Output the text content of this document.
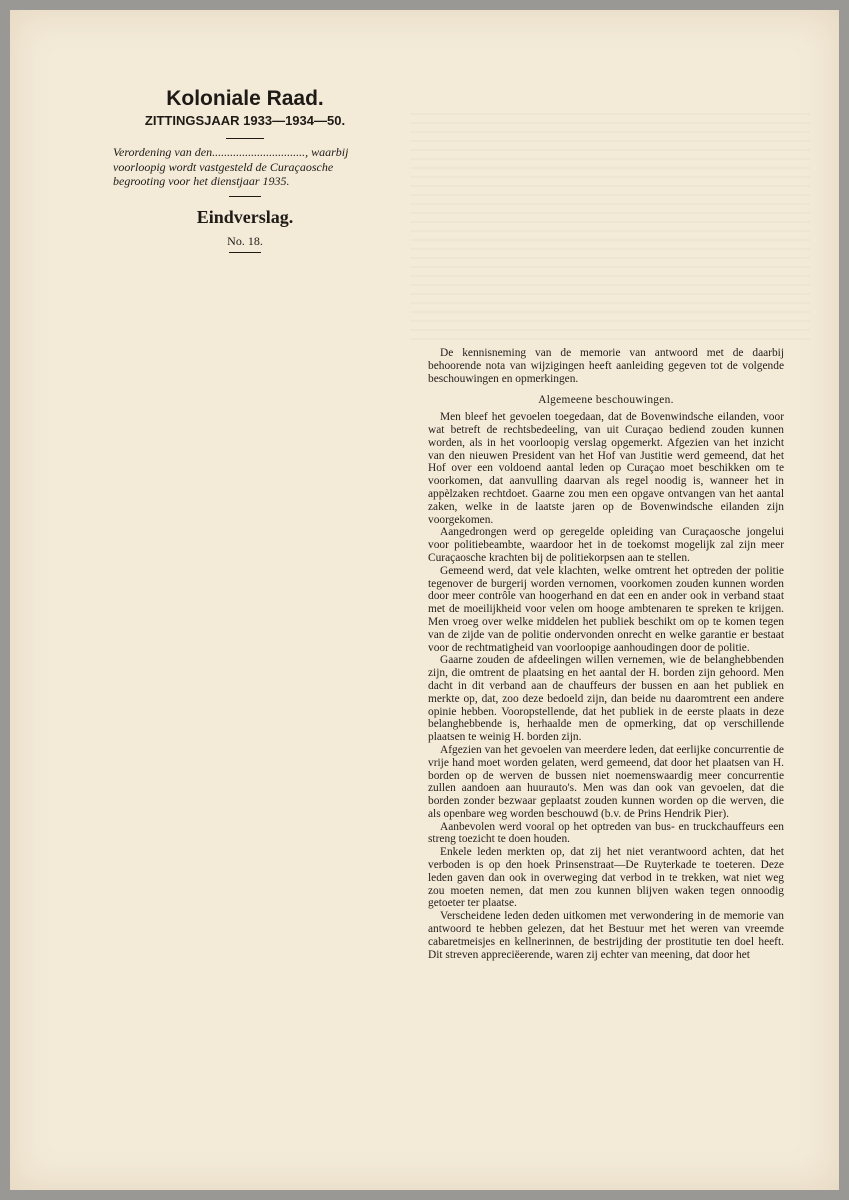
Koloniale Raad.

ZITTINGSJAAR 1933—1934—50.

Verordening van den..............................., waarbij voorloopig wordt vastgesteld de Curaçaosche begrooting voor het dienstjaar 1935.

Eindverslag.

No. 18.

De kennisneming van de memorie van antwoord met de daarbij behoorende nota van wijzigingen heeft aanleiding gegeven tot de volgende beschouwingen en opmerkingen.

Algemeene beschouwingen.

Men bleef het gevoelen toegedaan, dat de Bovenwindsche eilanden, voor wat betreft de rechtsbedeeling, van uit Curaçao bediend zouden kunnen worden, als in het voorloopig verslag opgemerkt. Afgezien van het inzicht van den nieuwen President van het Hof van Justitie werd gemeend, dat het Hof over een voldoend aantal leden op Curaçao moet beschikken om te voorkomen, dat aanvulling daarvan als regel noodig is, wanneer het in appèlzaken rechtdoet. Gaarne zou men een opgave ontvangen van het aantal zaken, welke in de laatste jaren op de Bovenwindsche eilanden zijn voorgekomen.

Aangedrongen werd op geregelde opleiding van Curaçaosche jongelui voor politiebeambte, waardoor het in de toekomst mogelijk zal zijn meer Curaçaosche krachten bij de politiekorpsen aan te stellen.

Gemeend werd, dat vele klachten, welke omtrent het optreden der politie tegenover de burgerij worden vernomen, voorkomen zouden kunnen worden door meer contrôle van hoogerhand en dat een en ander ook in verband staat met de moeilijkheid voor velen om hooge ambtenaren te spreken te krijgen. Men vroeg over welke middelen het publiek beschikt om op te komen tegen van de zijde van de politie ondervonden onrecht en welke garantie er bestaat voor de rechtmatigheid van voorloopige aanhoudingen door de politie.

Gaarne zouden de afdeelingen willen vernemen, wie de belanghebbenden zijn, die omtrent de plaatsing en het aantal der H. borden zijn gehoord. Men dacht in dit verband aan de chauffeurs der bussen en aan het publiek en merkte op, dat, zoo deze bedoeld zijn, dan beide nu daaromtrent een andere opinie hebben. Vooropstellende, dat het publiek in de eerste plaats in deze belanghebbende is, herhaalde men de opmerking, dat op verschillende plaatsen te weinig H. borden zijn.

Afgezien van het gevoelen van meerdere leden, dat eerlijke concurrentie de vrije hand moet worden gelaten, werd gemeend, dat door het plaatsen van H. borden op de werven de bussen niet noemenswaardig meer concurrentie zullen aandoen aan huurauto's. Men was dan ook van gevoelen, dat die borden zonder bezwaar geplaatst zouden kunnen worden op die werven, die als openbare weg worden beschouwd (b.v. de Prins Hendrik Pier).

Aanbevolen werd vooral op het optreden van bus- en truckchauffeurs een streng toezicht te doen houden.

Enkele leden merkten op, dat zij het niet verantwoord achten, dat het verboden is op den hoek Prinsenstraat—De Ruyterkade te toeteren. Deze leden gaven dan ook in overweging dat verbod in te trekken, wat niet weg zou moeten nemen, dat men zou kunnen blijven waken tegen onnoodig getoeter ter plaatse.

Verscheidene leden deden uitkomen met verwondering in de memorie van antwoord te hebben gelezen, dat het Bestuur met het weren van vreemde cabaretmeisjes en kellnerinnen, de bestrijding der prostitutie ten doel heeft. Dit streven appreciëerende, waren zij echter van meening, dat door het
